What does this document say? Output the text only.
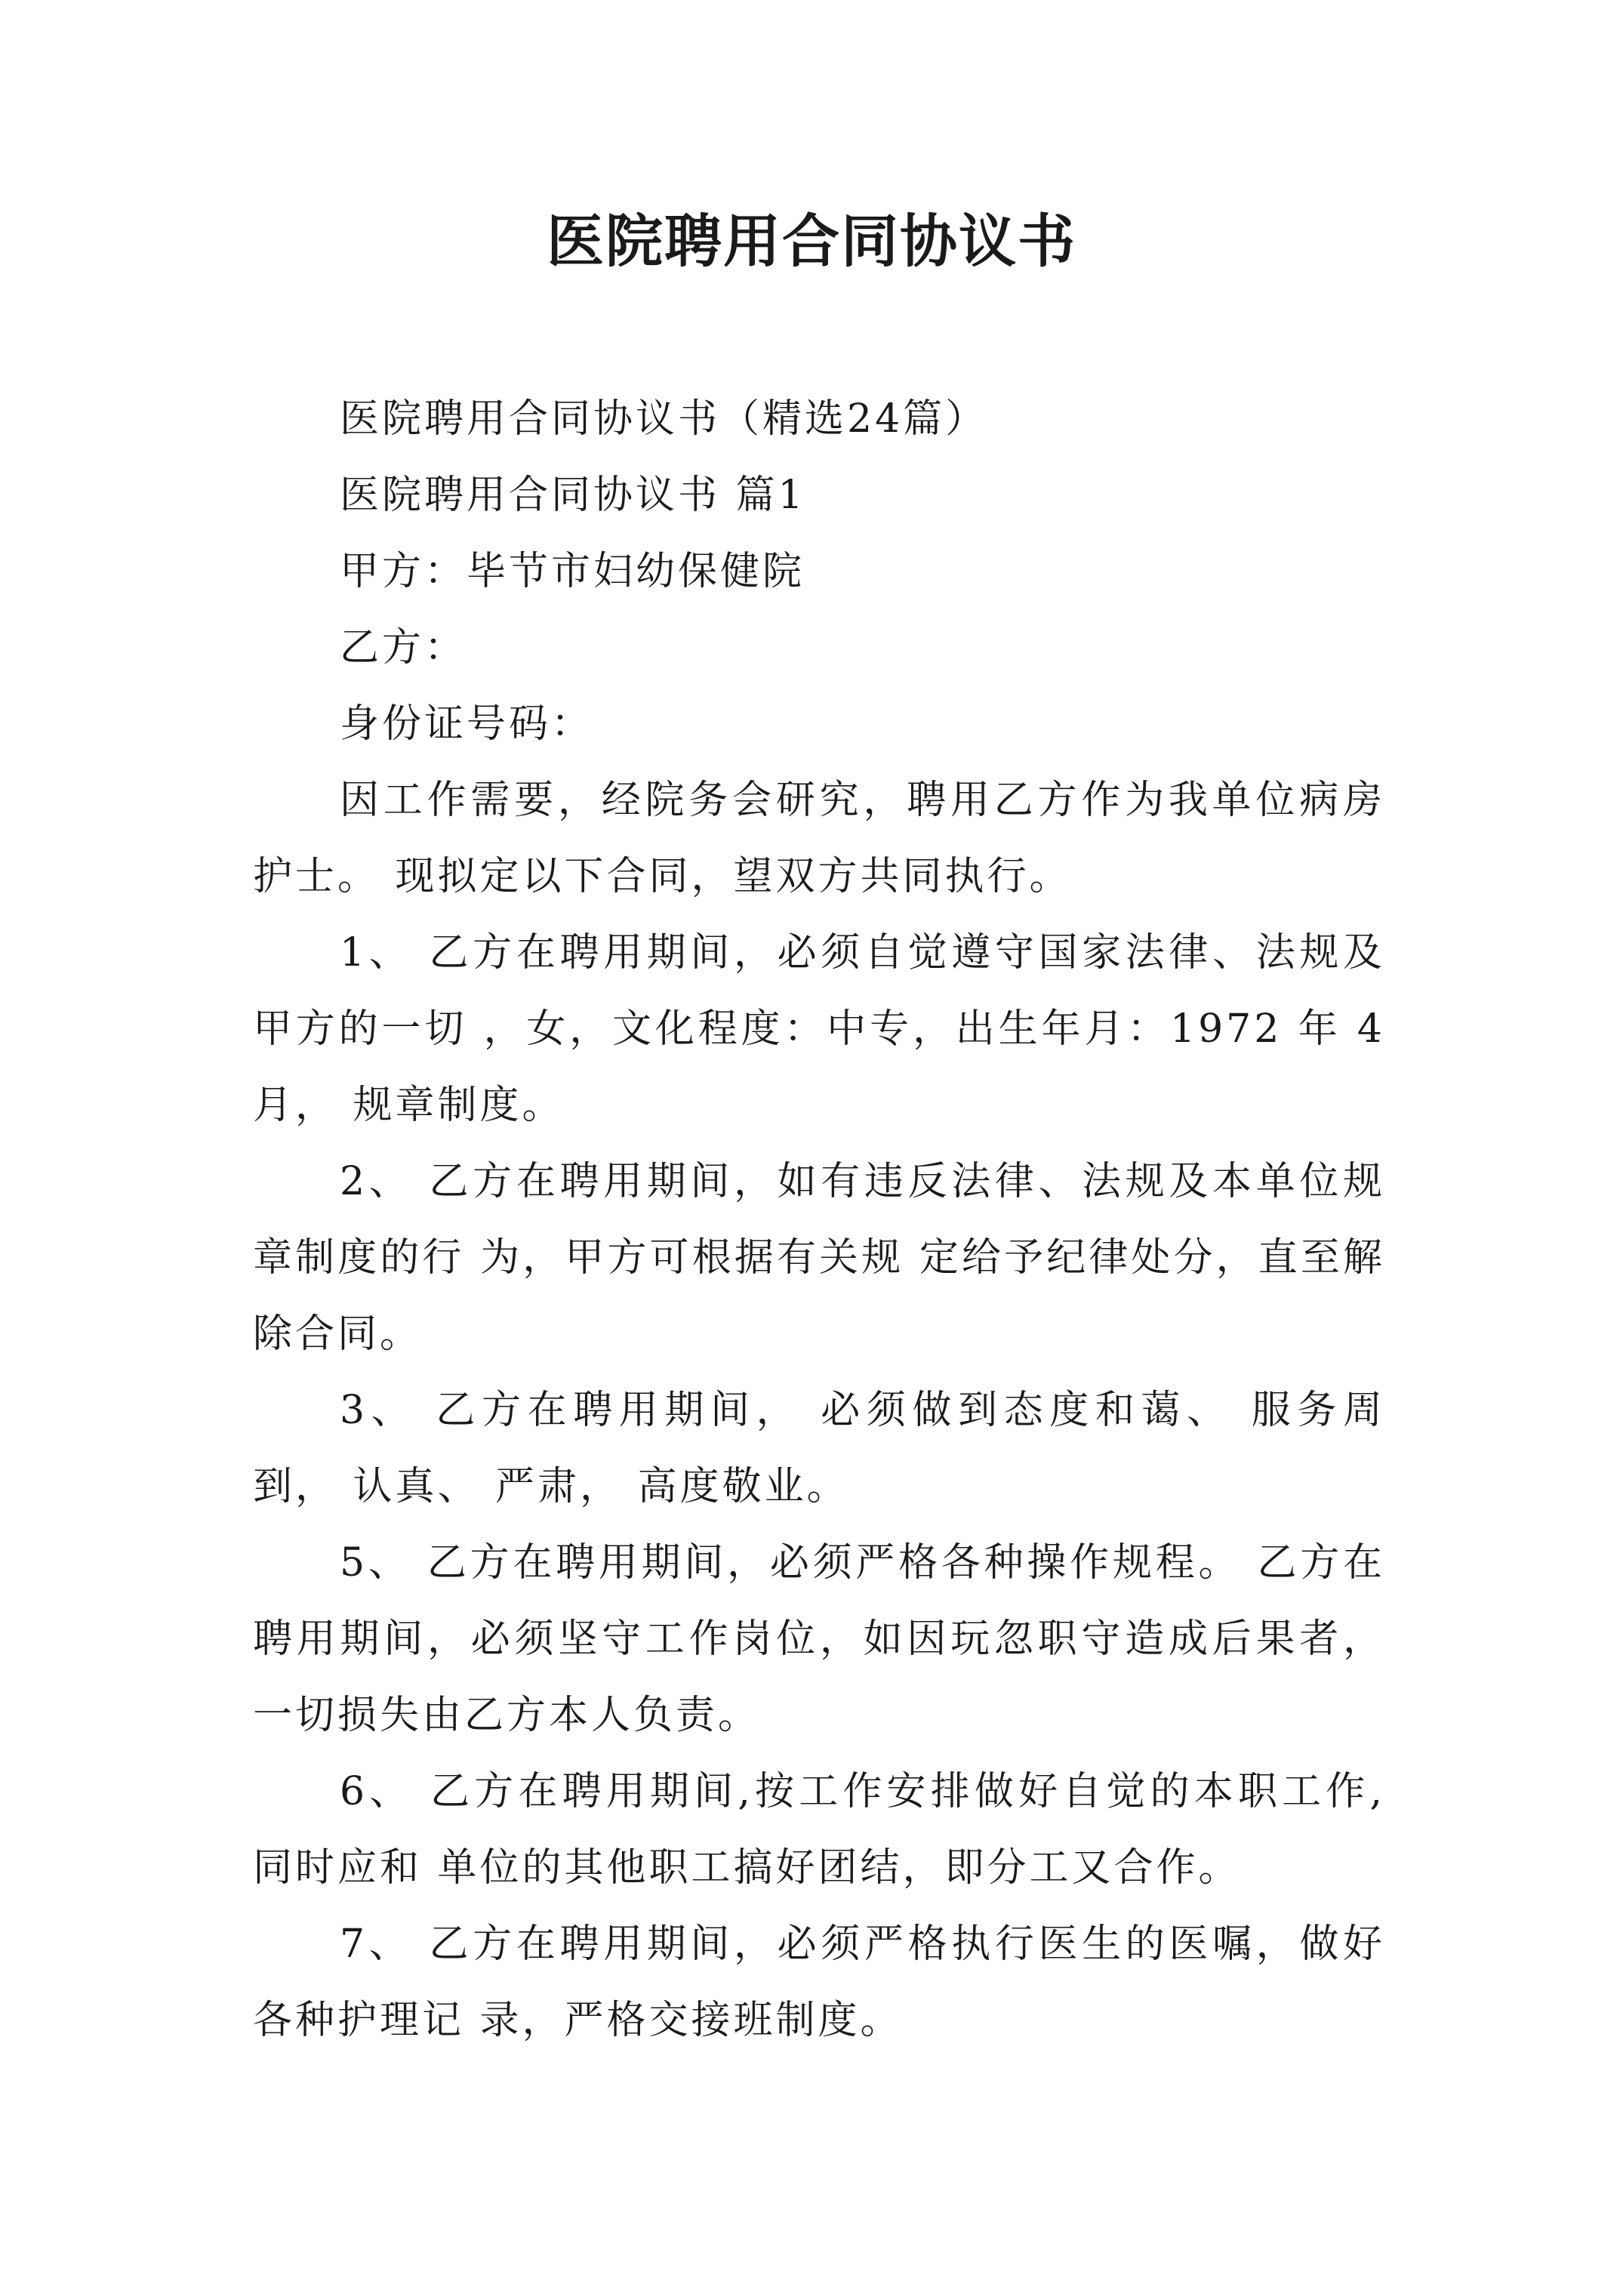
医院聘用合同协议书

医院聘用合同协议书（精选24篇）

医院聘用合同协议书 篇1

甲方：毕节市妇幼保健院

乙方：

身份证号码：

因工作需要，经院务会研究，聘用乙方作为我单位病房护士。 现拟定以下合同，望双方共同执行。

1、 乙方在聘用期间，必须自觉遵守国家法律、法规及甲方的一切 ，女，文化程度：中专，出生年月：1972 年 4 月， 规章制度。

2、 乙方在聘用期间，如有违反法律、法规及本单位规章制度的行 为，甲方可根据有关规 定给予纪律处分，直至解除合同。

3、 乙方在聘用期间， 必须做到态度和蔼、 服务周到， 认真、 严肃， 高度敬业。

5、 乙方在聘用期间，必须严格各种操作规程。 乙方在聘用期间，必须坚守工作岗位，如因玩忽职守造成后果者，一切损失由乙方本人负责。

6、 乙方在聘用期间,按工作安排做好自觉的本职工作,同时应和 单位的其他职工搞好团结，即分工又合作。

7、 乙方在聘用期间，必须严格执行医生的医嘱，做好各种护理记 录，严格交接班制度。
